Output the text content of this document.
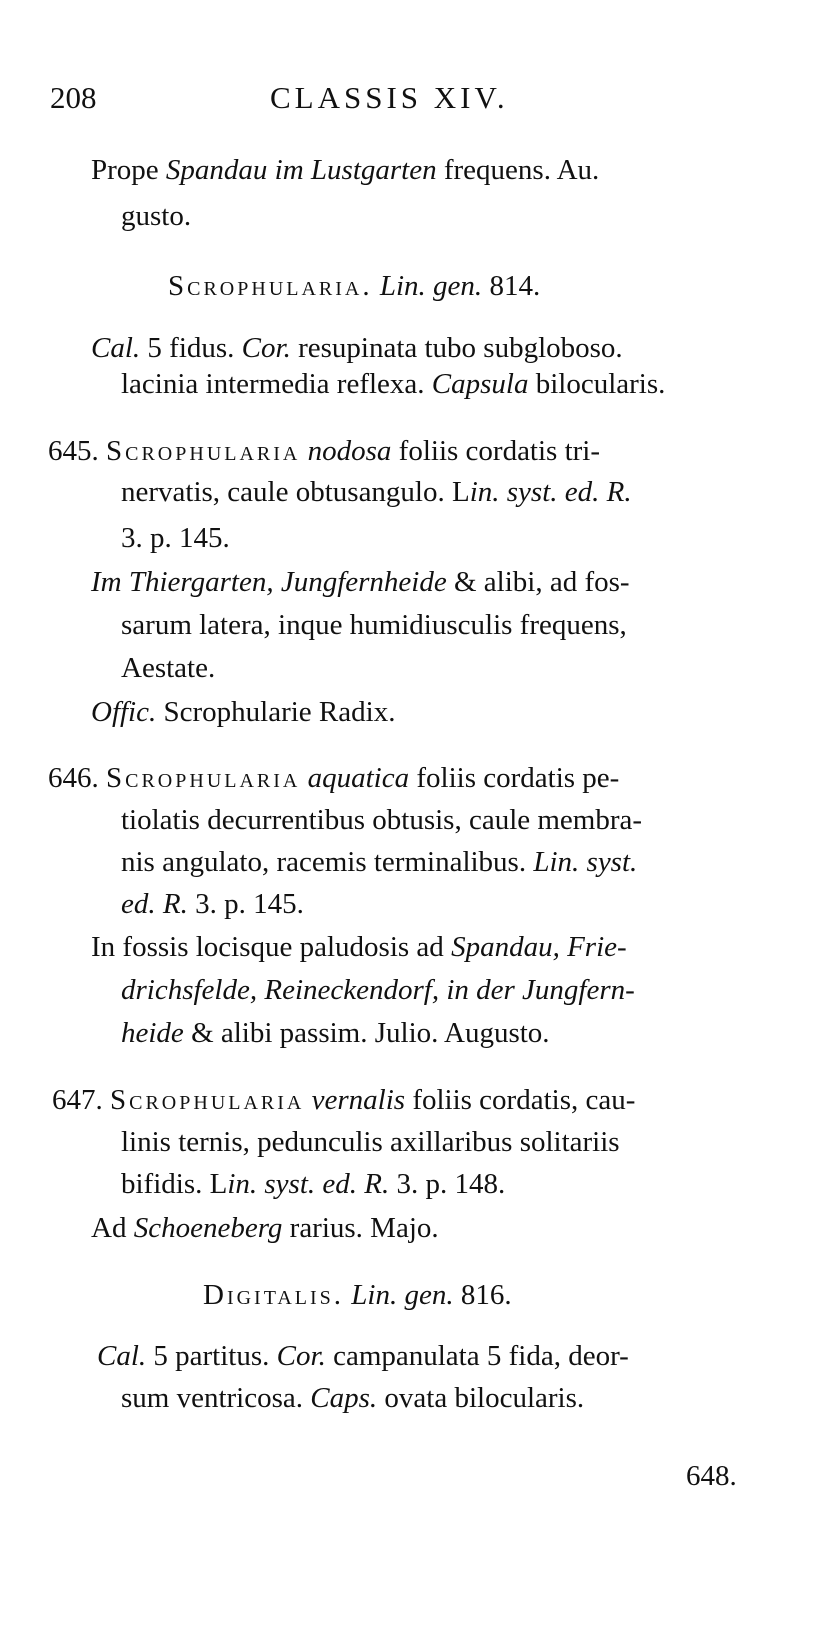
208	CLASSIS XIV.
Prope Spandau im Lustgarten frequens. Au.
gusto.
Scrophularia. Lin. gen. 814.
Cal. 5 fidus. Cor. resupinata tubo subgloboso.
lacinia intermedia reflexa. Capsula bilocularis.
645. Scrophularia nodosa foliis cordatis tri-
nervatis, caule obtusangulo. Lin. syst. ed. R.
3. p. 145.
Im Thiergarten, Jungfernheide & alibi, ad fos-
sarum latera, inque humidiusculis frequens,
Aestate.
Offic. Scrophularie Radix.
646. Scrophularia aquatica foliis cordatis pe-
tiolatis decurrentibus obtusis, caule membra-
nis angulato, racemis terminalibus. Lin. syst.
ed. R. 3. p. 145.
In fossis locisque paludosis ad Spandau, Frie-
drichsfelde, Reineckendorf, in der Jungfern-
heide & alibi passim. Julio. Augusto.
647. Scrophularia vernalis foliis cordatis, cau-
linis ternis, pedunculis axillaribus solitariis
bifidis. Lin. syst. ed. R. 3. p. 148.
Ad Schoeneberg rarius. Majo.
Digitalis. Lin. gen. 816.
Cal. 5 partitus. Cor. campanulata 5 fida, deor-
sum ventricosa. Caps. ovata bilocularis.
648.
